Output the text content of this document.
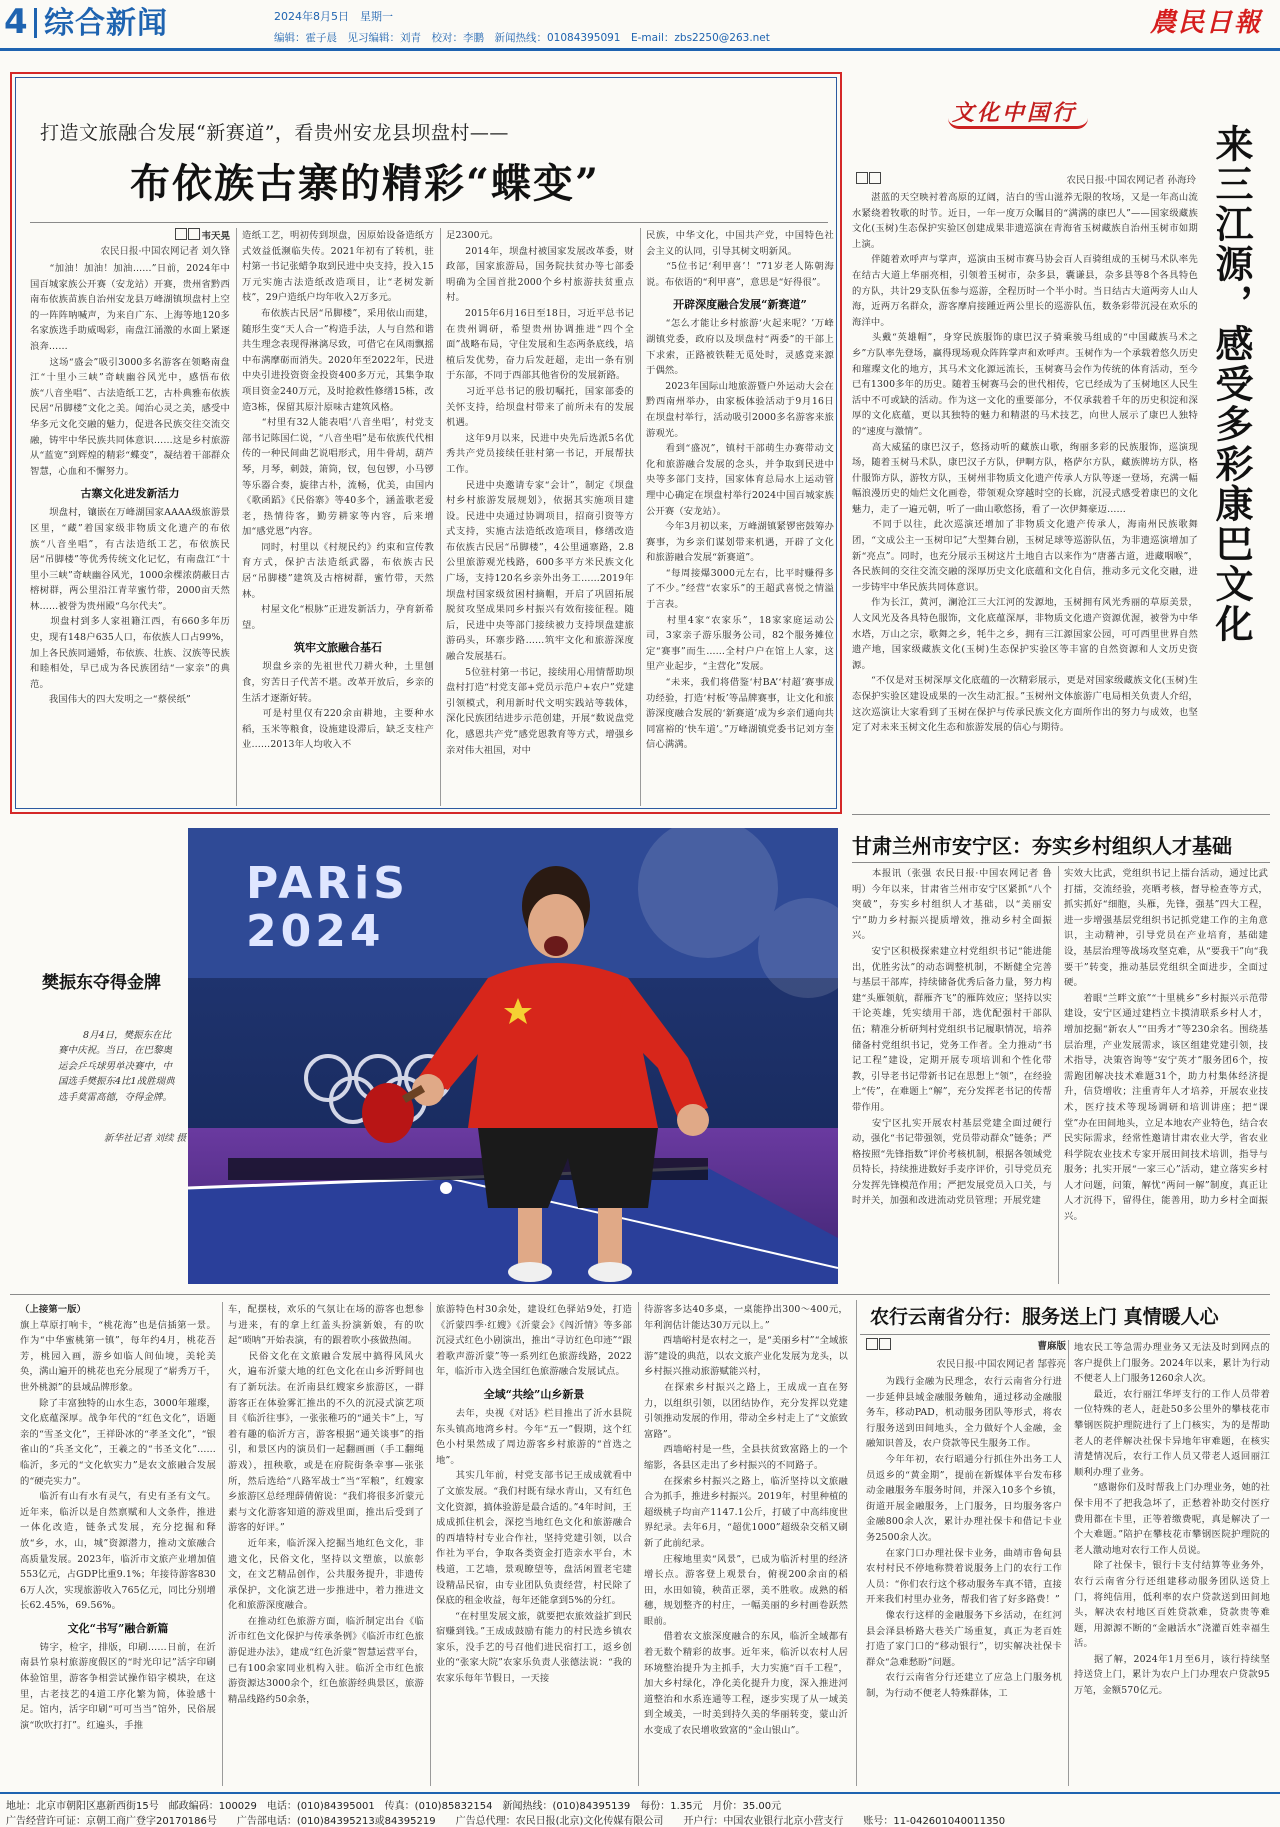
4 综合新闻	2024年8月5日　星期一
编辑：霍子晨　见习编辑：刘青　校对：李鹏　新闻热线：01084395091　E-mail：zbs2250@263.net	農民日報
打造文旅融合发展“新赛道”，看贵州安龙县坝盘村——
布依族古寨的精彩“蝶变”
韦天晃
农民日报·中国农网记者 刘久锋
　　“加油！加油！加油……”日前，2024年中国百城家族公开赛（安龙站）开赛，贵州省黔西南布依族苗族自治州安龙县万峰湖镇坝盘村上空的一阵阵呐喊声，为来自广东、上海等地120多名家族选手助威喝彩，南盘江涌激的水面上紧逐浪奔……
　　这场“盛会”吸引3000多名游客在领略南盘江“十里小三峡”奇峡幽谷风光中，感悟布依族“八音坐唱”、古法造纸工艺，古朴典雅布依族民居“吊脚楼”文化之美。闻治心灵之美，感受中华多元文化交融的魅力，促进各民族交往交流交融，铸牢中华民族共同体意识……这是乡村旅游从“蓝宽”到辉煌的精彩“蝶变”，凝结着干部群众智慧，心血和不懈努力。
古寨文化进发新活力
　　坝盘村，镶嵌在万峰湖国家AAAA级旅游景区里，“藏”着国家级非物质文化遗产的布依族“八音坐唱”，有古法造纸工艺，布依族民居“吊脚楼”等优秀传统文化记忆，有南盘江“十里小三峡”奇峡幽谷风光，1000余棵浓荫蔽日古榕树群，两公里沿江青苹蜜竹带，2000亩天然林……被誉为贵州殿“乌尔代夫”。
　　坝盘村到多人家祖籍江西，有660多年历史，现有148户635人口，布依族人口占99%，加上各民族同通婚，布依族、壮族、汉族等民族和睦相处，早已成为各民族团结“一家亲”的典范。
　　我国伟大的四大发明之一“蔡侯纸”
造纸工艺，明初传到坝盘，因原始设备造纸方式效益低濒临失传。2021年初有了转机，驻村第一书记张蜡争取到民进中央支持，投入15万元实施古法造纸改造项目，让“老树发新枝”，29户造纸户均年收入2万多元。
　　布依族古民居“吊脚楼”，采用依山而建，随形生变“天人合一”构造手法，人与自然和谐共生理念表现得淋漓尽致，可借它在风雨飘摇中布满摩砺而消失。2020年至2022年，民进中央引进投资资金投资400多万元，其集争取项目资金240万元，及时抢救性修缮15栋，改造3栋，保留其原汁原味古建筑风格。
　　“村里有32人能表唱‘八音坐唱’，村党支部书记陈国仁说，“八音坐唱”是布依族代代相传的一种民间曲艺说唱形式，用牛骨胡，葫芦琴，月琴，刺鼓，箫筒，钗，包包锣，小马锣等乐器合奏，旋律古朴，流畅，优美，由国内《歌函蹈》《民俗寨》等40多个，涵盖歌老爱老，热情待客，勤劳耕家等内容，后来增加“感党恩”内容。
　　同时，村里以《村规民约》约束和宣传教育方式，保护古法造纸武器，布依族古民居“吊脚楼”建筑及古榕树群，蜜竹带，天然林。
　　村屋文化“根脉”正进发新活力，孕育新希望。
筑牢文旅融合基石
　　坝盘乡亲的先祖世代刀耕火种，土里刨食，穷苦日子代苦不堪。改革开放后，乡亲的生活才逐渐好转。
　　可是村里仅有220余亩耕地，主要种水稻，玉米等粮食，设施建设滞后，缺乏支柱产业……2013年人均收入不
足2300元。
　　2014年，坝盘村被国家发展改革委，财政部，国家旅游局，国务院扶贫办等七部委明确为全国首批2000个乡村旅游扶贫重点村。
　　2015年6月16日至18日，习近平总书记在贵州调研，希望贵州协调推进“四个全面”战略布局，守住发展和生态两条底线，培植后发优势，奋力后发赶超，走出一条有别于东部，不同于西部其他省份的发展新路。
　　习近平总书记的殷切嘱托，国家部委的关怀支持，给坝盘村带来了前所未有的发展机遇。
　　这年9月以来，民进中央先后选派5名优秀共产党员接续任驻村第一书记，开展帮扶工作。
　　民进中央邀请专家“会计”，制定《坝盘村乡村旅游发展规划》，依据其实施项目建设。民进中央通过协调项目，招商引资等方式支持，实施古法造纸改造项目，修缮改造布依族古民居“吊脚楼”，4公里通寨路，2.8公里旅游观光栈路，600多平方米民族文化广场，支持120名乡亲外出务工……2019年坝盘村国家级贫困村摘帽，开启了巩固拓展脱贫攻坚成果同乡村振兴有效衔接征程。随后，民进中央等部门接续被力支持坝盘建旅游码头，环寨步路……筑牢文化和旅游深度融合发展基石。
　　5位驻村第一书记，接续用心用情帮助坝盘村打造“村党支部+党员示范户+农户”党建引领模式，利用新时代文明实践站等载体，深化民族团结进步示范创建，开展“数说盘党化，感恩共产党”感党恩教育等方式，增强乡亲对伟大祖国，对中
民族，中华文化，中国共产党，中国特色社会主义的认同，引导其树文明新风。
　　“5位书记‘利甲喜’！”71岁老人陈朝海说。布依语的“利甲喜”，意思是“好得很”。
开辟深度融合发展“新赛道”
　　“怎么才能让乡村旅游‘火起来呢？’万峰湖镇党委，政府以及坝盘村“两委”的干部上下求索，正路被铁鞋无觅处时，灵感竟来源于偶然。
　　2023年国际山地旅游暨户外运动大会在黔西南州举办，由家板体验活动于9月16日在坝盘村举行，活动吸引2000多名游客来旅游观光。
　　看到“盛况”，镇村干部萌生办赛带动文化和旅游融合发展的念头，并争取到民进中央等多部门支持，国家体育总局水上运动管理中心确定在坝盘村举行2024中国百城家族公开赛（安龙站）。
　　今年3月初以来，万峰湖镇紧锣密鼓筹办赛事，为乡亲们谋划带来机遇，开辟了文化和旅游融合发展“新赛道”。
　　“每周接爆3000元左右，比平时赚得多了不少。”经营“农家乐”的王超武喜悦之情溢于言表。
　　村里4家“农家乐”，18家家庭运动公司，3家亲子游乐服务公司，82个服务摊位定“赛事”而生……全村户户在馆上人家，这里产业起步，“主营化”发展。
　　“未来，我们将借鉴‘村BA’‘村超’赛事成功经验，打造‘村板’等品牌赛事，让文化和旅游深度融合发展的‘新赛道’成为乡亲们通向共同富裕的‘快车道’。”万峰湖镇党委书记刘方奎信心满满。
文化中国行
来三江源，感受多彩康巴文化
农民日报·中国农网记者 孙海玲
　　湛蓝的天空映衬着高原的辽阔，洁白的雪山滋养无限的牧场，又是一年高山流水紧绕着牧歌的时节。近日，一年一度万众瞩目的“满满的康巴人”——国家级藏族文化(玉树)生态保护实验区创建成果非遗巡演在青海省玉树藏族自治州玉树市如期上演。
　　伴随着欢呼声与掌声，巡演由玉树市赛马协会百人百骑组成的玉树马术队率先在结古大道上华丽亮相，引领着玉树市，杂多县，囊谦县，杂多县等8个各具特色的方队，共计29支队伍参与巡游，全程历时一个半小时。当日结古大道两旁人山人海，近两万名群众，游客摩肩接踵近两公里长的巡游队伍，数条彩带沉浸在欢乐的海洋中。
　　头戴“英雄帽”，身穿民族服饰的康巴汉子骑乘骏马组成的“中国藏族马术之乡”方队率先登场，赢得现场观众阵阵掌声和欢呼声。玉树作为一个承载着悠久历史和璀璨文化的地方，其马术文化源远流长，玉树赛马会作为传统的体育活动，至今已有1300多年的历史。随着玉树赛马会的世代相传，它已经成为了玉树地区人民生活中不可或缺的活动。作为这一文化的重要部分，不仅承载着千年的历史积淀和深厚的文化底蕴，更以其独特的魅力和精湛的马术技艺，向世人展示了康巴人独特的“速度与激情”。
　　高大威猛的康巴汉子，悠扬动听的藏族山歌，绚丽多彩的民族服饰，巡演现场，随着玉树马术队，康巴汉子方队，伊啊方队，格萨尔方队，藏族牌坊方队，格什服饰方队，游牧方队，玉树州非物质文化遗产传承人方队等逐一登场，充满一幅幅浪漫历史的灿烂文化画卷，带领观众穿越时空的长廊，沉浸式感受着康巴的文化魅力，走了一遍元朝，听了一曲山歌悠扬，看了一次伊舞豪迈……
　　不同于以往，此次巡演还增加了非物质文化遗产传承人，海南州民族歌舞团，“文成公主一玉树印记”大型舞台剧，玉树足球等巡游队伍，为非遗巡演增加了新“亮点”。同时，也充分展示玉树这片土地自古以来作为“唐蕃古道，进藏咽喉”，各民族间的交往交流交融的深厚历史文化底蕴和文化自信，推动多元文化交融，进一步铸牢中华民族共同体意识。
　　作为长江，黄河，澜沧江三大江河的发源地，玉树拥有风光秀丽的草原美景，人文风光及各具特色服饰，文化底蕴深厚，非物质文化遗产资源优渥，被誉为中华水塔，万山之宗，歌舞之乡，牦牛之乡，拥有三江源国家公园，可可西里世界自然遗产地，国家级藏族文化(玉树)生态保护实验区等丰富的自然资源和人文历史资源。
　　“不仅是对玉树深厚文化底蕴的一次精彩展示，更是对国家级藏族文化(玉树)生态保护实验区建设成果的一次生动汇报。”玉树州文体旅游广电局相关负责人介绍，这次巡演让大家看到了玉树在保护与传承民族文化方面所作出的努力与成效，也坚定了对未来玉树文化生态和旅游发展的信心与期待。
樊振东夺得金牌

　　8月4日，樊振东在比赛中庆祝。当日，在巴黎奥运会乒乓球男单决赛中，中国选手樊振东4比1战胜瑞典选手莫雷高德，夺得金牌。

新华社记者 刘续 摄
PARiS
2024
甘肃兰州市安宁区：夯实乡村组织人才基础
　　本报讯（张强 农民日报·中国农网记者 鲁明）今年以来，甘肃省兰州市安宁区紧抓“八个突破”，夯实乡村组织人才基础，以“美丽安宁”助力乡村振兴提质增效，推动乡村全面振兴。
　　安宁区积极探索建立村党组织书记“能进能出，优胜劣汰”的动态调整机制，不断健全完善与基层干部库，持续储备优秀后备力量，努力构建“头雁领航，群雁齐飞”的雁阵效应；坚持以实干论英雄，凭实绩用干部，选优配强村干部队伍；精准分析研判村党组织书记履职情况，培养储备村党组织书记，党务工作者。全力推动“书记工程”建设，定期开展专项培训和个性化带教，引导老书记带新书记在思想上“领”，在经验上“传”，在难题上“解”，充分发挥老书记的传帮带作用。
　　安宁区扎实开展农村基层党建全面过硬行动，强化“书记带强领，党员带动群众”链条；严格按照“先锋指数”评价考核机制，根据各领域党员特长，持续推进数好手麦序评价，引导党员充分发挥先锋模范作用；严把发展党员入口关，与时并关，加强和改进流动党员管理；开展党建
实效大比武，党组织书记上擂台活动，通过比武打擂，交流经验，亮晒考核，督导检查等方式，抓实抓好“细胞，头雁，先锋，强基”四大工程，进一步增强基层党组织书记抓党建工作的主角意识，主动精神，引导党员在产业培育，基础建设，基层治理等战场攻坚克难，从“要我干”向“我要干”转变，推动基层党组织全面进步，全面过硬。
　　着眼“兰畔文旅”“十里桃乡”乡村振兴示范带建设，安宁区通过建档立卡摸清联系乡村人才，增加挖掘“新农人”“田秀才”等230余名。围绕基层治理，产业发展需求，该区组建党建引领，技术指导，决策咨询等“安宁英才”服务团6个，按需跑团解决技术难题31个，助力村集体经济提升，信贷增收；注重青年人才培养，开展农业技术，医疗技术等现场调研和培训讲座；把“课堂”办在田间地头，立足本地农产业特色，结合农民实际需求，经常性邀请甘肃农业大学，省农业科学院农业技术专家开展田间技术培训，指导与服务；扎实开展“一家三心”活动，建立落实乡村人才问题，问策，解忧“两问一解”制度，真正让人才沉得下，留得住，能善用，助力乡村全面振兴。
农行云南省分行：服务送上门 真情暖人心
曹麻版
农民日报·中国农网记者 郜蓉亮
　　为践行金融为民理念，农行云南省分行进一步延伸县域金融服务触角，通过移动金融服务车，移动PAD，机动服务团队等形式，将农行服务送到田间地头，全力做好个人金融，金融知识普及，农户贷款等民生服务工作。
　　今年年初，农行昭通分行抓住外出务工人员返乡的“黄金期”，提前在新媒体平台发布移动金融服务车服务时间，并深入10多个乡镇，街道开展金融服务，上门服务，日均服务客户金融800余人次，累计办理社保卡和借记卡业务2500余人次。
　　在家门口办理社保卡业务，曲靖市鲁甸县农村村民不停地称赞着说服务上门的农行工作人员：“你们农行这个移动服务车真不错，直接开来我们村里办业务，帮我们省了好多路费！”
　　像农行这样的金融服务下乡活动，在红河县会泽县桥路大巷关广场重复，真正为老百姓打造了家门口的“移动银行”，切实解决社保卡群众“急难愁盼”问题。
　　农行云南省分行还建立了应急上门服务机制，为行动不便老人特殊群体，工
地农民工等急需办理业务又无法及时到网点的客户提供上门服务。2024年以来，累计为行动不便老人上门服务1260余人次。
　　最近，农行丽江华坪支行的工作人员带着一位特殊的老人，赶赴50多公里外的攀枝花市攀钢医院护理院进行了上门核实，为的是帮助老人的老伴解决社保卡异地年审难题，在核实清楚情况后，农行工作人员又带老人返回丽江顺利办理了业务。
　　“感谢你们及时帮我上门办理业务，她的社保卡用不了把我急坏了，正愁着补助交付医疗费用都在卡里，正等着缴费呢，真是解决了一个大难题。”陪护在攀枝花市攀钢医院护理院的老人激动地对农行工作人员说。
　　除了社保卡，银行卡支付结算等业务外，农行云南省分行还组建移动服务团队送贷上门，将纯信用，低利率的农户贷款送到田间地头，解决农村地区百姓贷款难，贷款贵等难题，用源源不断的“金融活水”浇灌百姓幸福生活。
　　据了解，2024年1月至6月，该行持续坚持送贷上门，累计为农户上门办理农户贷款95万笔，金额570亿元。
（上接第一版）
旗上草原打响卡，“桃花海”也是信插第一景。作为“中华蜜桃第一镇”，每年约4月，桃花吾芳，桃园入画，游乡如临人间仙境，美轮美奂，满山遍开的桃花也充分展现了“崭秀万千，世外桃源”的县域品牌形象。
　　除了丰富独特的山水生态，3000年璀璨，文化底蕴深厚。战争年代的“红色文化”，语题亲的“雪圣文化”，王祥卧冰的“孝圣文化”，“银雀山的“兵圣文化”，王羲之的“书圣文化”……临沂，多元的“文化软实力”是农文旅融合发展的“硬壳实力”。
　　临沂有山有水有灵气，有史有圣有文气。近年来，临沂以是自然禀赋和人文条件，推进一体化改造，链条式发展，充分挖掘和释放“乡，水，山，城”资源潜力，推动文旅融合高质量发展。2023年，临沂市文旅产业增加值553亿元，占GDP比重9.1%；年接待游客8306万人次，实现旅游收入765亿元，同比分别增长62.45%，69.56%。
文化“书写”融合新篇
　　铸字，检字，排版，印刷……日前，在沂南县竹泉村旅游度假区的“时光印记”活字印刷体验馆里，游客争相尝试操作铅字模块，在这里，古老技艺的4道工序化繁为简，体验感十足。馆内，活字印刷“可可当当”馆外，民俗展演“吹吹打打”。红遍头，手推
车，配摆枝，欢乐的气氛让在场的游客也想参与进来，有的拿上红盖头扮演新娘，有的吹起“唢呐”开始表演，有的跟着吹小孩做热闹。
　　民俗文化在文旅融合发展中搞得风风火火，遍布沂蒙大地的红色文化在山乡沂野间也有了新玩法。在沂南县红嫂家乡旅游区，一群游客正在体验雾汇推出的不久的沉浸式演艺项目《临沂往事》，一张张稚巧的“通关卡”上，写着有趣的临沂方言，游客根据“通关谈事”的指引，和景区内的演员们一起翻画画（手工翻绳游戏），扭秧歌，或是在府院街条幸事—张张所，然后选给“八路军战士”当“军粮”，红嫂家乡旅游区总经理薛倩俯说：“我们将很多沂蒙元素与文化游客知道的游戏里面，推出后受到了游客的好评。”
　　近年来，临沂深入挖掘当地红色文化，非遗文化，民俗文化，坚持以文塑旅，以旅彰文，在文艺精品创作，公共服务提升，非遗传承保护，文化演艺进一步推进中，着力推进文化和旅游深度融合。
　　在推动红色旅游方面，临沂制定出台《临沂市红色文化保护与传承条例》《临沂市红色旅游促进办法》，建成“红色沂蒙”智慧运营平台，已有100余家同业机构入驻。临沂全市红色旅游资源达3000余个，红色旅游经典景区，旅游精品线路约50余条，
旅游特色村30余处，建设红色驿站9处，打造《沂蒙四季·红嫂》《沂蒙会》《闯沂情》等多部沉浸式红色小剧演出，推出“寻访红色印迹”“跟着歌声游沂蒙”等一系列红色旅游线路，2022年，临沂市入选全国红色旅游融合发展试点。
全域“共绘”山乡新景
　　去年，央视《对话》栏目推出了沂水县院东头镇高地湾乡村。今年“五一”假期，这个红色小村果然成了周边游客乡村旅游的“首选之地”。
　　其实几年前，村党支部书记王成成就看中了文旅发展。“我们村既有绿水青山，又有红色文化资源，搞体验游是最合适的。”4年时间，王成成抓住机会，深挖当地红色文化和旅游融合的西墙特村专业合作社，坚持党建引领，以合作社为平台，争取各类资金打造亲水平台，木栈道，工艺墙，景观瞭望等，盘活闲置老宅建设精品民宿，由专业团队负责经营，村民除了保底的租金收益，每年还能拿到5%的分红。
　　“在村里发展文旅，就要把农旅效益扩到民宿赚到钱。”王成成鼓励有能力的村民选乡镇农家乐，没手艺的号召他们进民宿打工，返乡创业的“张家大院”农家乐负责人张德法说：“我的农家乐每年节假日，一天接
待游客多达40多桌，一桌能挣出300～400元，年利润估计能达30万元以上。”
　　西墙峪村是农村之一，是“美丽乡村”“全域旅游”建设的典范，以农文旅产业化发展为龙头，以乡村振兴推动旅游赋能兴村，
　　在探索乡村振兴之路上，王成成一直在努力，以组织引领，以团结协作，充分发挥以党建引领推动发展的作用，带动全乡村走上了“文旅致富路”。
　　西墙峪村是一些，全县扶贫致富路上的一个缩影，各县区走出了乡村振兴的不同路子。
　　在探索乡村振兴之路上，临沂坚持以文旅融合为抓手，推进乡村振兴。2019年，村里种植的超级桃子均亩产1147.1公斤，打破了中高纬度世界纪录。去年6月，“超优1000”超级杂交稻又刷新了此前纪录。
　　庄稼地里卖“风景”，已成为临沂村里的经济增长点。游客登上观景台，俯视200余亩的稻田，水田如镜，秧苗正翠，美不胜收。成熟的稻穗，规划整齐的村庄，一幅美丽的乡村画卷跃然眼前。
　　借着农文旅深度融合的东风，临沂全域都有着无数个精彩的故事。近年来，临沂以农村人居环境整治提升为主抓手，大力实施“百千工程”，加大乡村绿化，净化美化提升力度，深入推进河道整治和水系连通等工程，逐步实现了从一域美到全域美，一时美到持久美的华丽转变，蒙山沂水变成了农民增收致富的“金山银山”。
地址：北京市朝阳区惠新西街15号　邮政编码：100029　电话：(010)84395001　传真：(010)85832154　新闻热线：(010)84395139　每份：1.35元　月价：35.00元
广告经营许可证：京朝工商广登字20170186号　　广告部电话：(010)84395213或84395219　　广告总代理：农民日报(北京)文化传媒有限公司　　开户行：中国农业银行北京小营支行　　账号：11-042601040011350
